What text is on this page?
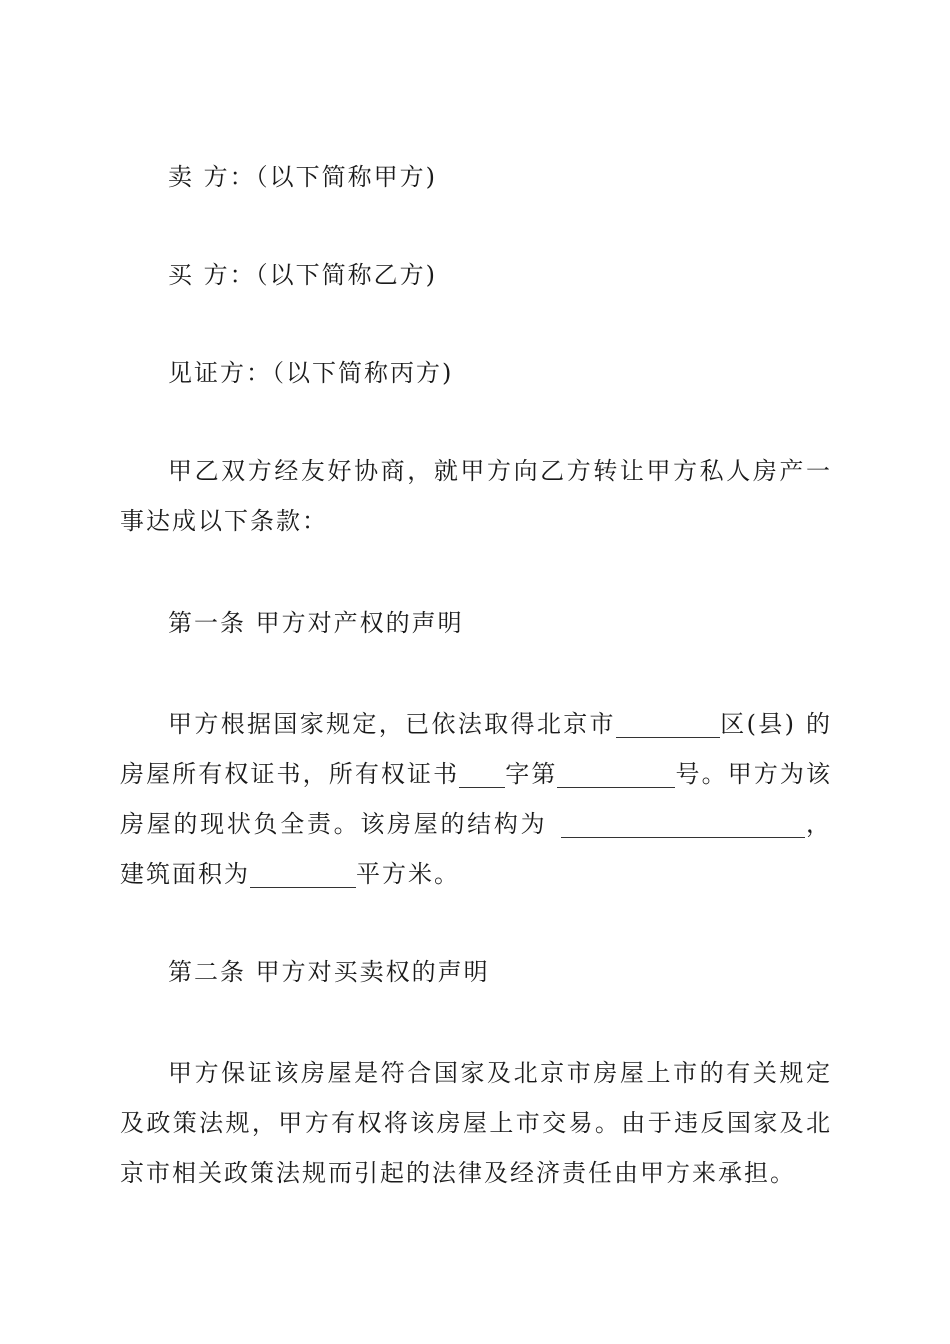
卖 方：（以下简称甲方)

买 方：（以下简称乙方)

见证方：（以下简称丙方)

甲乙双方经友好协商，就甲方向乙方转让甲方私人房产一事达成以下条款：

第一条 甲方对产权的声明

甲方根据国家规定，已依法取得北京市	区(县) 的房屋所有权证书，所有权证书 字第	号。甲方为该房屋的现状负全责。该房屋的结构为	，建筑面积为	平方米。

第二条 甲方对买卖权的声明

甲方保证该房屋是符合国家及北京市房屋上市的有关规定及政策法规，甲方有权将该房屋上市交易。由于违反国家及北京市相关政策法规而引起的法律及经济责任由甲方来承担。
